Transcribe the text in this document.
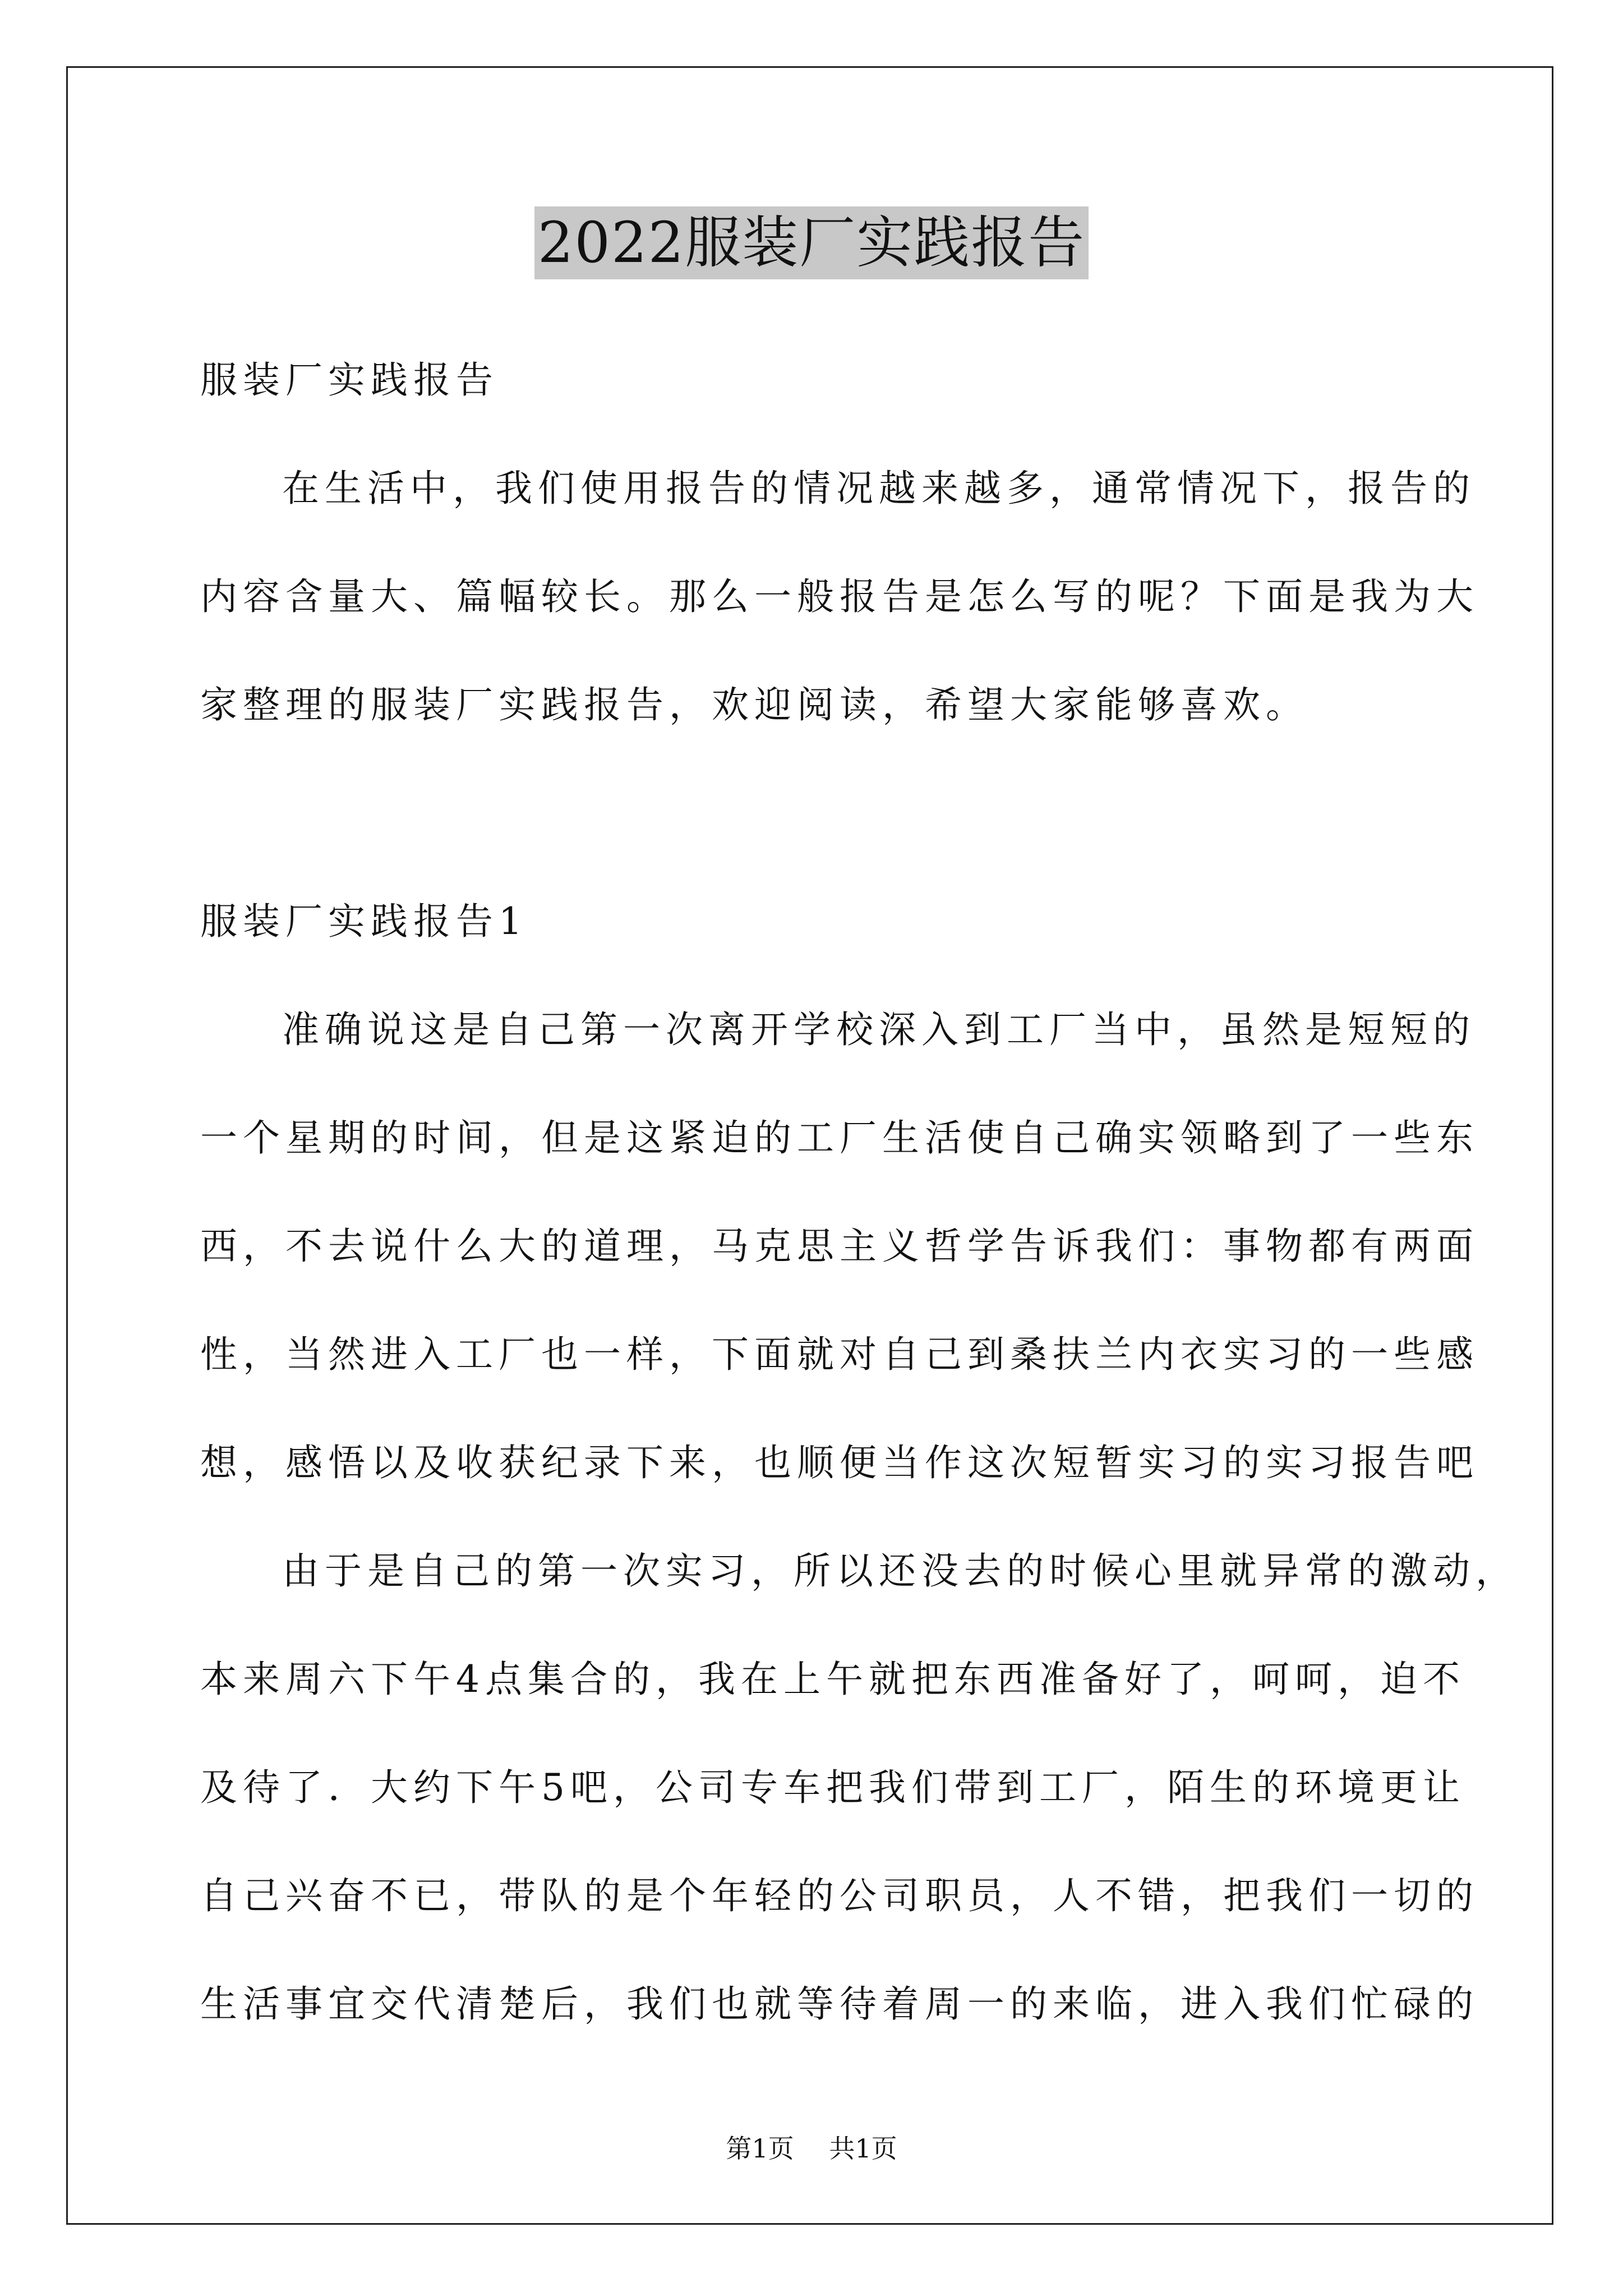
2022服装厂实践报告

服装厂实践报告

在生活中，我们使用报告的情况越来越多，通常情况下，报告的

内容含量大、篇幅较长。那么一般报告是怎么写的呢？下面是我为大

家整理的服装厂实践报告，欢迎阅读，希望大家能够喜欢。

服装厂实践报告1

准确说这是自己第一次离开学校深入到工厂当中，虽然是短短的

一个星期的时间，但是这紧迫的工厂生活使自己确实领略到了一些东

西，不去说什么大的道理，马克思主义哲学告诉我们：事物都有两面

性，当然进入工厂也一样，下面就对自己到桑扶兰内衣实习的一些感

想，感悟以及收获纪录下来，也顺便当作这次短暂实习的实习报告吧

由于是自己的第一次实习，所以还没去的时候心里就异常的激动，

本来周六下午4点集合的，我在上午就把东西准备好了，呵呵，迫不

及待了．大约下午5吧，公司专车把我们带到工厂，陌生的环境更让

自己兴奋不已，带队的是个年轻的公司职员，人不错，把我们一切的

生活事宜交代清楚后，我们也就等待着周一的来临，进入我们忙碌的

第1页 共1页
